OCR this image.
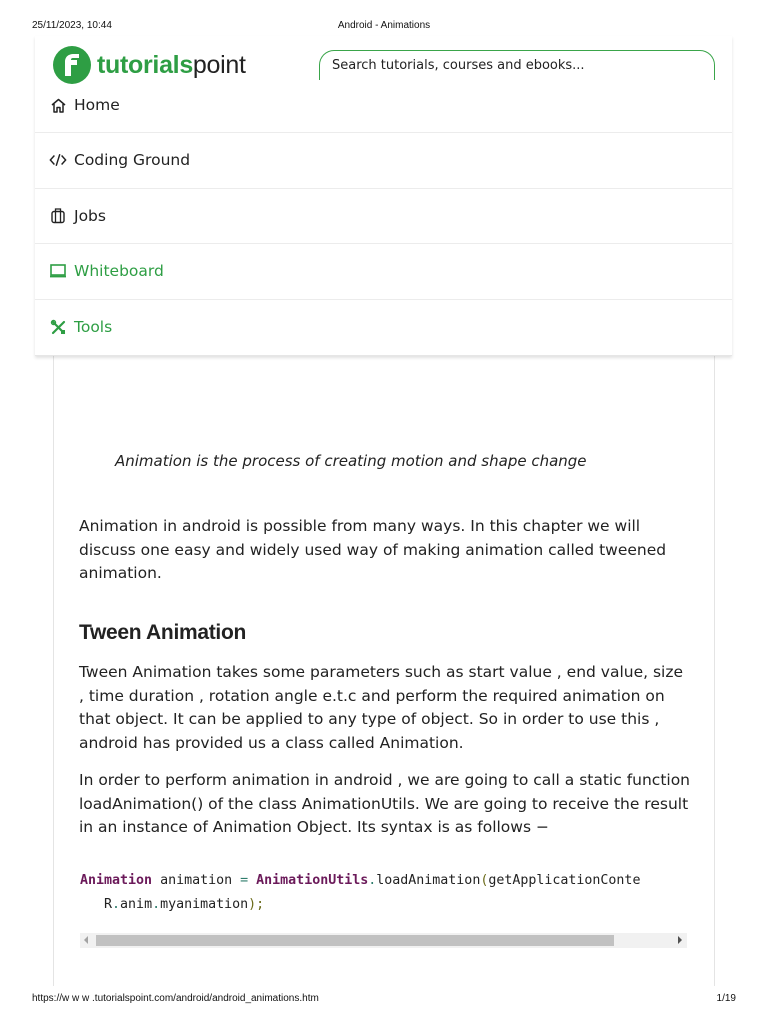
25/11/2023, 10:44	Android - Animations
tutorialspoint
Search tutorials, courses and ebooks...
Home
Coding Ground
Jobs
Whiteboard
Tools
Animation is the process of creating motion and shape change

Animation in android is possible from many ways. In this chapter we will discuss one easy and widely used way of making animation called tweened animation.

Tween Animation

Tween Animation takes some parameters such as start value , end value, size , time duration , rotation angle e.t.c and perform the required animation on that object. It can be applied to any type of object. So in order to use this , android has provided us a class called Animation.

In order to perform animation in android , we are going to call a static function loadAnimation() of the class AnimationUtils. We are going to receive the result in an instance of Animation Object. Its syntax is as follows −

Animation animation = AnimationUtils.loadAnimation(getApplicationConte
R.anim.myanimation);
https://w w w .tutorialspoint.com/android/android_animations.htm	1/19
